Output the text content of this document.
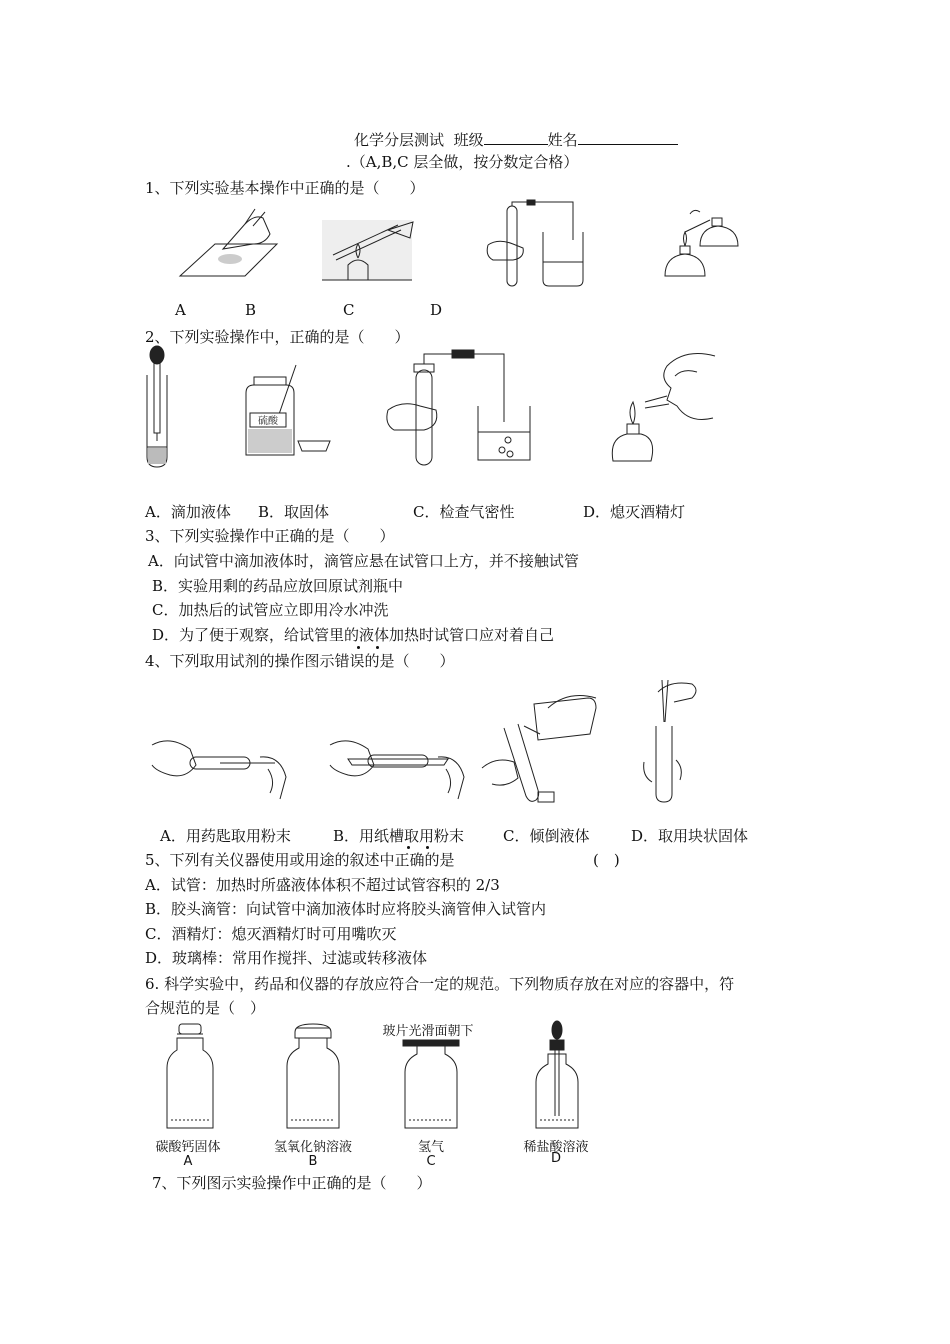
化学分层测试 班级	姓名
.（A,B,C 层全做，按分数定合格）
1、下列实验基本操作中正确的是（　　）
A	B	C	D
2、下列实验操作中，正确的是（　　）
硫酸
A．滴加液体 B．取固体	C．检查气密性	D．熄灭酒精灯
3、下列实验操作中正确的是（　　）
A．向试管中滴加液体时，滴管应悬在试管口上方，并不接触试管
B．实验用剩的药品应放回原试剂瓶中
C．加热后的试管应立即用冷水冲洗
D．为了便于观察，给试管里的液体加热时试管口应对着自己
4、下列取用试剂的操作图示错误的是（　　）
A．用药匙取用粉末	B．用纸槽取用粉末	C．倾倒液体	D．取用块状固体
5、下列有关仪器使用或用途的叙述中正确的是	(　)
A．试管：加热时所盛液体体积不超过试管容积的 2/3
B．胶头滴管：向试管中滴加液体时应将胶头滴管伸入试管内
C．酒精灯：熄灭酒精灯时可用嘴吹灭
D．玻璃棒：常用作搅拌、过滤或转移液体
6. 科学实验中，药品和仪器的存放应符合一定的规范。下列物质存放在对应的容器中，符
合规范的是（　）
玻片光滑面朝下
碳酸钙固体	氢氧化钠溶液	氢气	稀盐酸溶液
A	B	C	D
7、下列图示实验操作中正确的是（　　）
